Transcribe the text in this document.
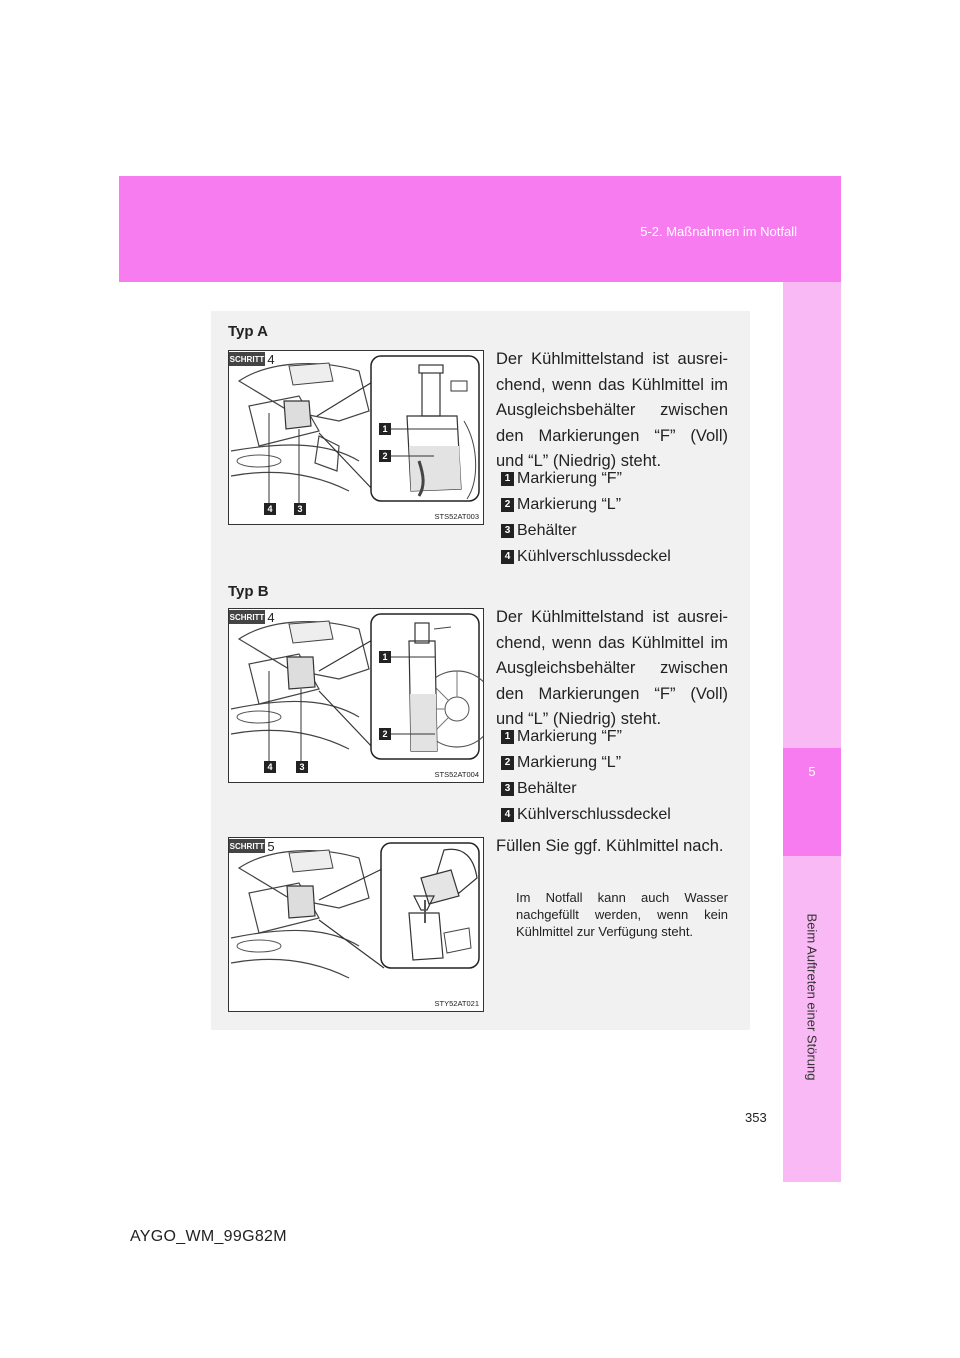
5-2. Maßnahmen im Notfall
5
Beim Auftreten einer Störung
Typ A
4	3
1
2
SCHRITT 4
STS52AT003
Der Kühlmittelstand ist ausrei-chend, wenn das Kühlmittel im Ausgleichsbehälter zwischen den Markierungen “F” (Voll) und “L” (Niedrig) steht.
1 Markierung “F”
2 Markierung “L”
3 Behälter
4 Kühlverschlussdeckel
Typ B
4	3
1
2
SCHRITT 4
STS52AT004
Der Kühlmittelstand ist ausrei-chend, wenn das Kühlmittel im Ausgleichsbehälter zwischen den Markierungen “F” (Voll) und “L” (Niedrig) steht.
1 Markierung “F”
2 Markierung “L”
3 Behälter
4 Kühlverschlussdeckel
SCHRITT 5
STY52AT021
Füllen Sie ggf. Kühlmittel nach.
Im Notfall kann auch Wasser nachgefüllt werden, wenn kein Kühlmittel zur Verfügung steht.
353
AYGO_WM_99G82M
